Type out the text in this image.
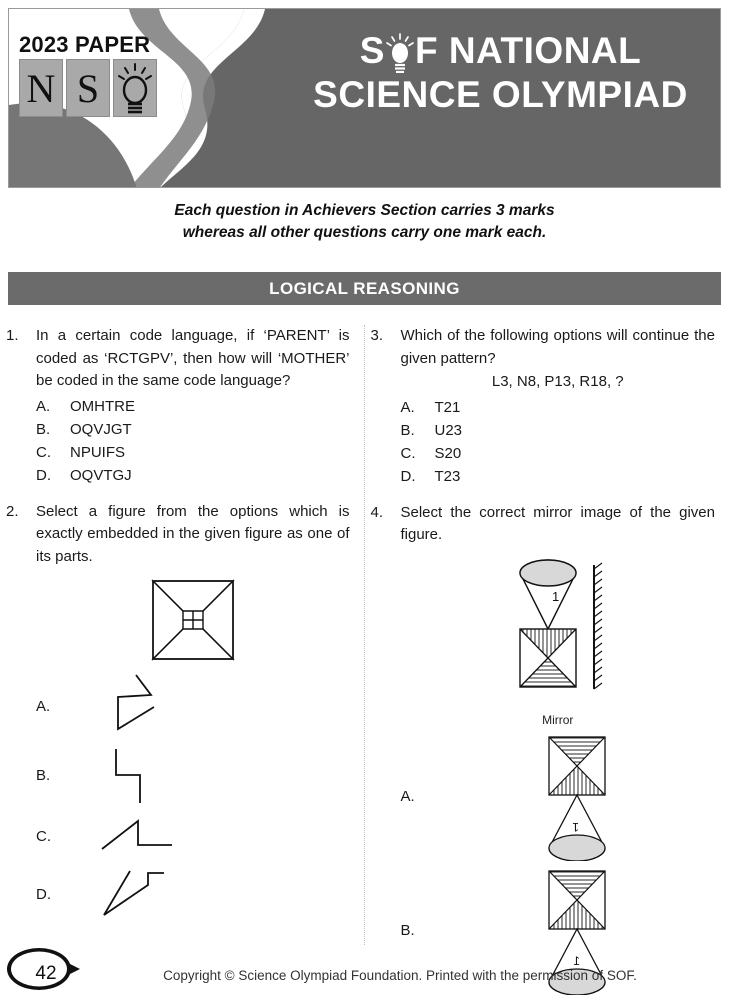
2023 PAPER
N S
S F NATIONAL
SCIENCE OLYMPIAD
Each question in Achievers Section carries 3 marks
whereas all other questions carry one mark each.
LOGICAL REASONING
1.	In a certain code language, if ‘PARENT’ is coded as ‘RCTGPV’, then how will ‘MOTHER’ be coded in the same code language?
A.	OMHTRE
B.	OQVJGT
C.	NPUIFS
D.	OQVTGJ
2.	Select a figure from the options which is exactly embedded in the given figure as one of its parts.
A.
B.
C.
D.
3.	Which of the following options will continue the given pattern?
L3, N8, P13, R18, ?
A.	T21
B.	U23
C.	S20
D.	T23
4.	Select the correct mirror image of the given figure.
1
Mirror
A.
1
B.
1
42	Copyright © Science Olympiad Foundation. Printed with the permission of SOF.
